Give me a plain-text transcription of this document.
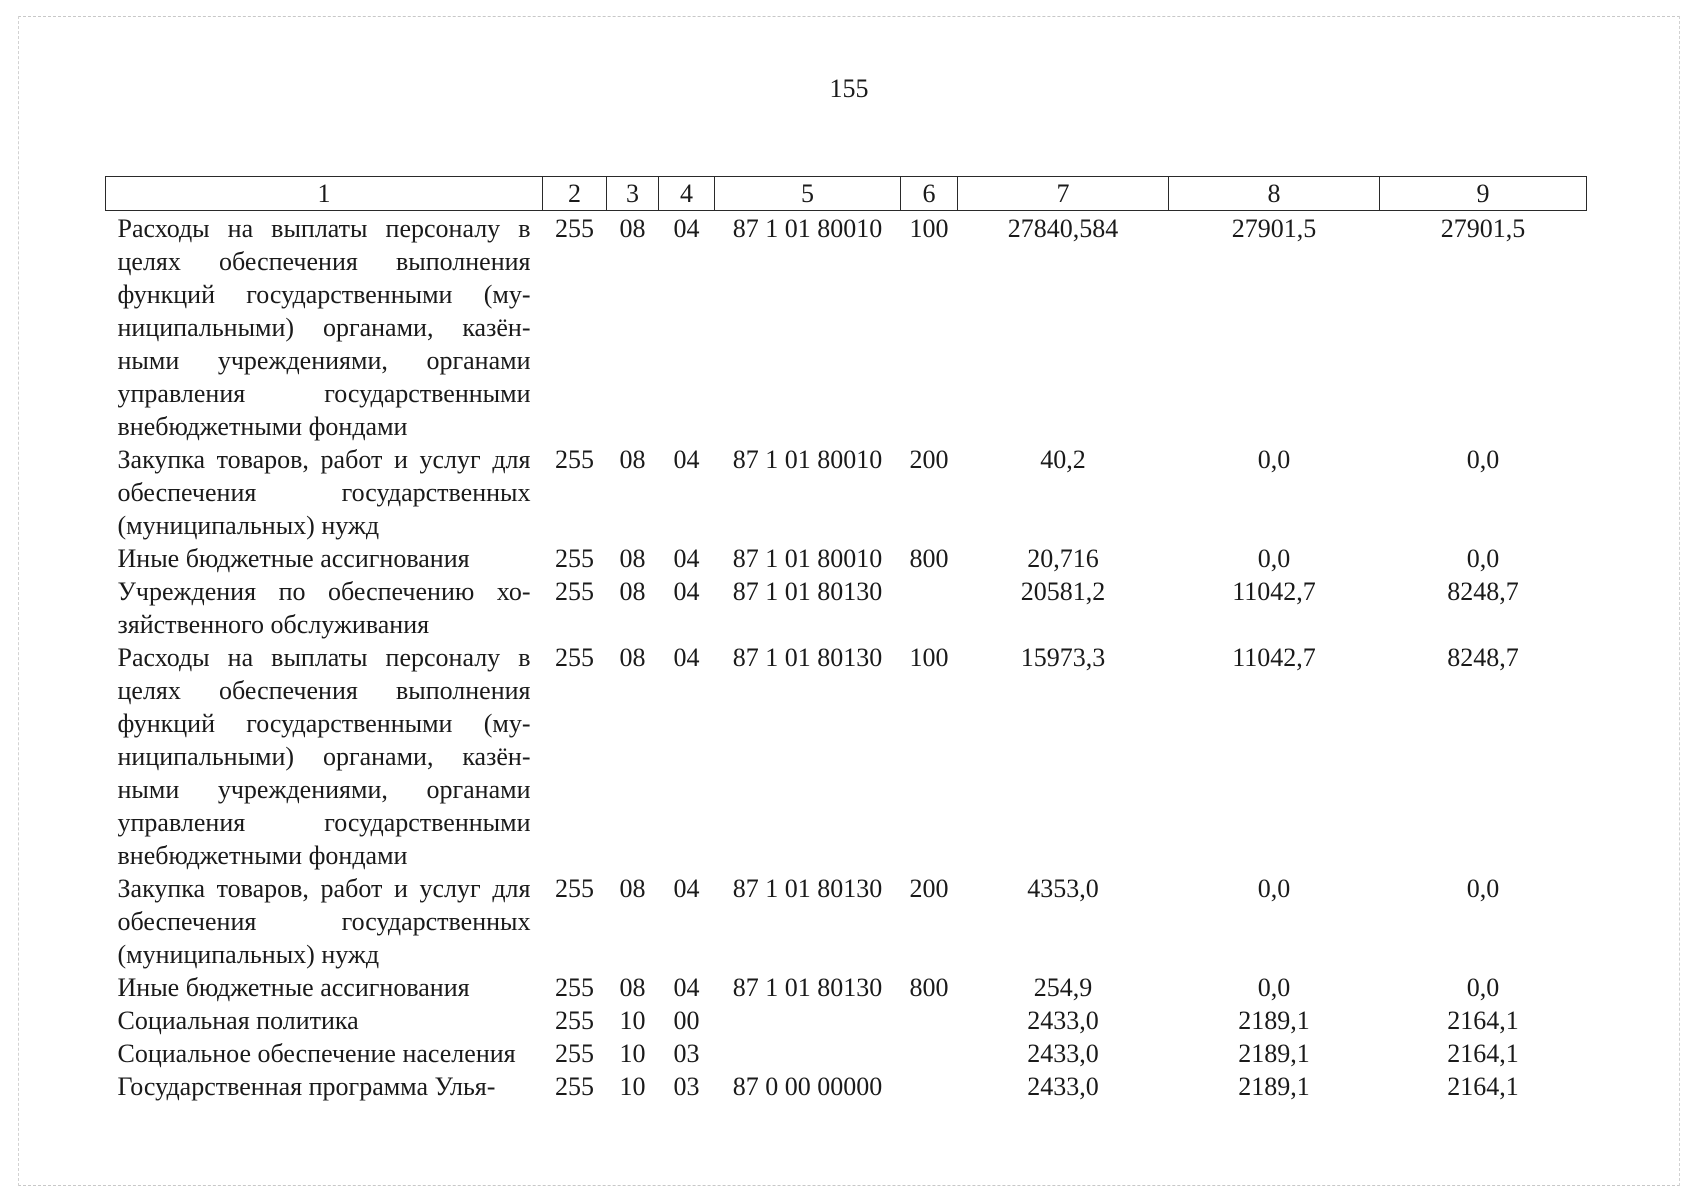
155
1	2	3	4	5	6	7	8	9
Расходы на выплаты персоналу в целях обеспечения выполнения функций государственными (муниципальными) органами, казёнными учреждениями, органами управления государственными внебюджетными фондами	255	08	04	87 1 01 80010	100	27840,584	27901,5	27901,5
Закупка товаров, работ и услуг для обеспечения государственных (муниципальных) нужд	255	08	04	87 1 01 80010	200	40,2	0,0	0,0
Иные бюджетные ассигнования	255	08	04	87 1 01 80010	800	20,716	0,0	0,0
Учреждения по обеспечению хозяйственного обслуживания	255	08	04	87 1 01 80130		20581,2	11042,7	8248,7
Расходы на выплаты персоналу в целях обеспечения выполнения функций государственными (муниципальными) органами, казёнными учреждениями, органами управления государственными внебюджетными фондами	255	08	04	87 1 01 80130	100	15973,3	11042,7	8248,7
Закупка товаров, работ и услуг для обеспечения государственных (муниципальных) нужд	255	08	04	87 1 01 80130	200	4353,0	0,0	0,0
Иные бюджетные ассигнования	255	08	04	87 1 01 80130	800	254,9	0,0	0,0
Социальная политика	255	10	00			2433,0	2189,1	2164,1
Социальное обеспечение населения	255	10	03			2433,0	2189,1	2164,1
Государственная программа Улья-	255	10	03	87 0 00 00000		2433,0	2189,1	2164,1
